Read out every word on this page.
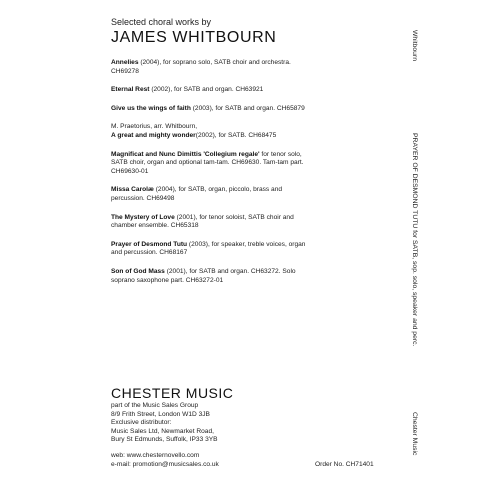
Selected choral works by
JAMES WHITBOURN
Annelies (2004), for soprano solo, SATB choir and orchestra. CH69278
Eternal Rest (2002), for SATB and organ. CH63921
Give us the wings of faith (2003), for SATB and organ. CH65879
M. Praetorius, arr. Whitbourn,
A great and mighty wonder(2002), for SATB. CH68475
Magnificat and Nunc Dimittis 'Collegium regale' for tenor solo, SATB choir, organ and optional tam-tam. CH69630. Tam-tam part. CH69630-01
Missa Carolæ (2004), for SATB, organ, piccolo, brass and percussion. CH69498
The Mystery of Love (2001), for tenor soloist, SATB choir and chamber ensemble. CH65318
Prayer of Desmond Tutu (2003), for speaker, treble voices, organ and percussion. CH68167
Son of God Mass (2001), for SATB and organ. CH63272. Solo soprano saxophone part. CH63272-01
CHESTER MUSIC
part of the Music Sales Group
8/9 Frith Street, London W1D 3JB
Exclusive distributor:
Music Sales Ltd, Newmarket Road,
Bury St Edmunds, Suffolk, IP33 3YB
web: www.chesternovello.com
e-mail: promotion@musicsales.co.uk	Order No. CH71401
Whitbourn
PRAYER OF DESMOND TUTU for SATB, sop. solo, speaker and perc.
Chester Music
